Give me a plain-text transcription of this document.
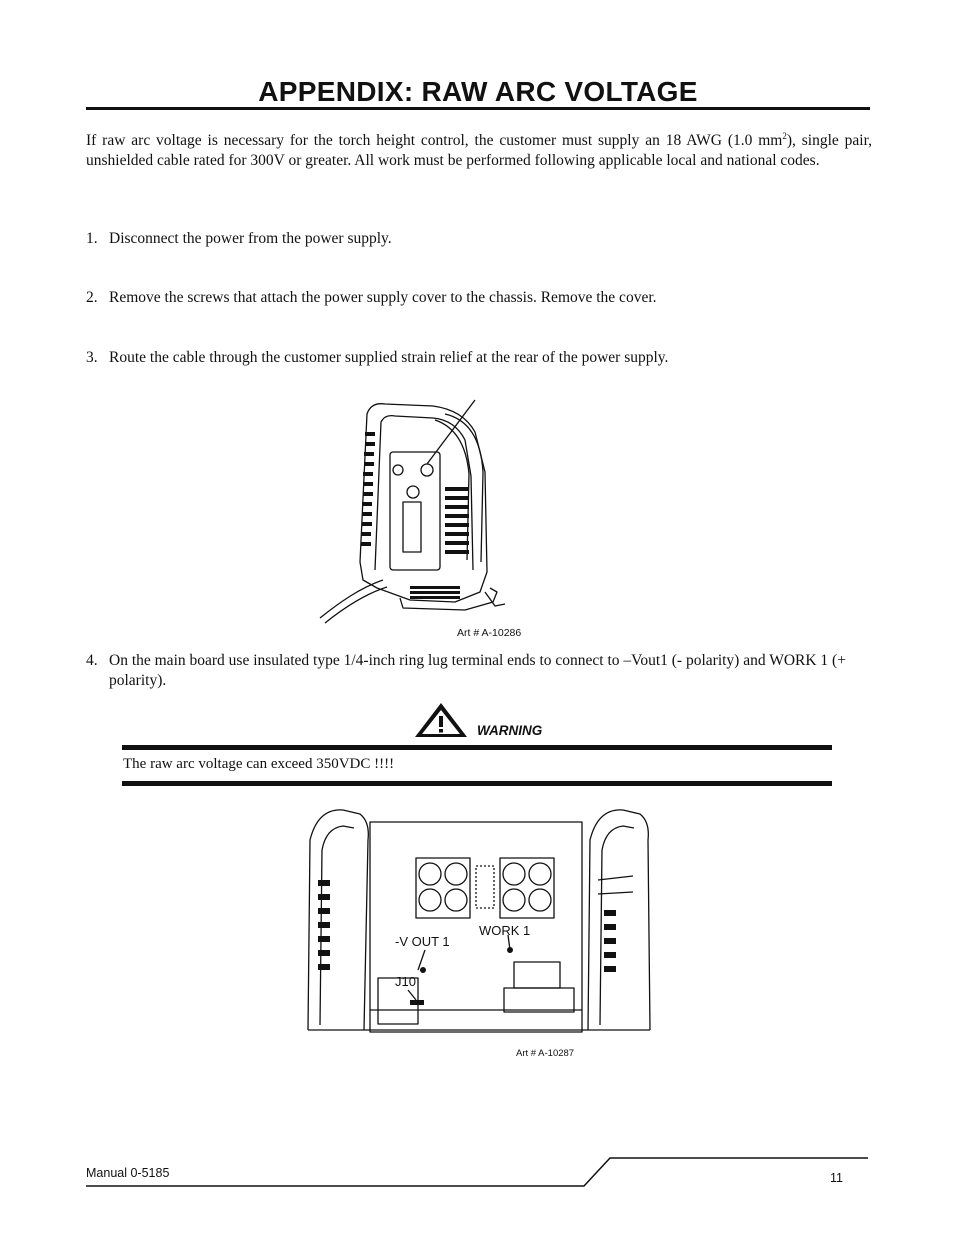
APPENDIX: RAW ARC VOLTAGE
If raw arc voltage is necessary for the torch height control, the customer must supply an 18 AWG (1.0 $mm^2$), single pair, unshielded cable rated for 300V or greater. All work must be performed following applicable local and national codes.
1. Disconnect the power from the power supply.
2. Remove the screws that attach the power supply cover to the chassis. Remove the cover.
3. Route the cable through the customer supplied strain relief at the rear of the power supply.
Art # A-10286
4. On the main board use insulated type 1/4-inch ring lug terminal ends to connect to –Vout1 (- polarity) and WORK 1 (+ polarity).
WARNING
The raw arc voltage can exceed 350VDC !!!!
-V OUT 1
WORK 1
J10
Art # A-10287
Manual 0-5185	11
